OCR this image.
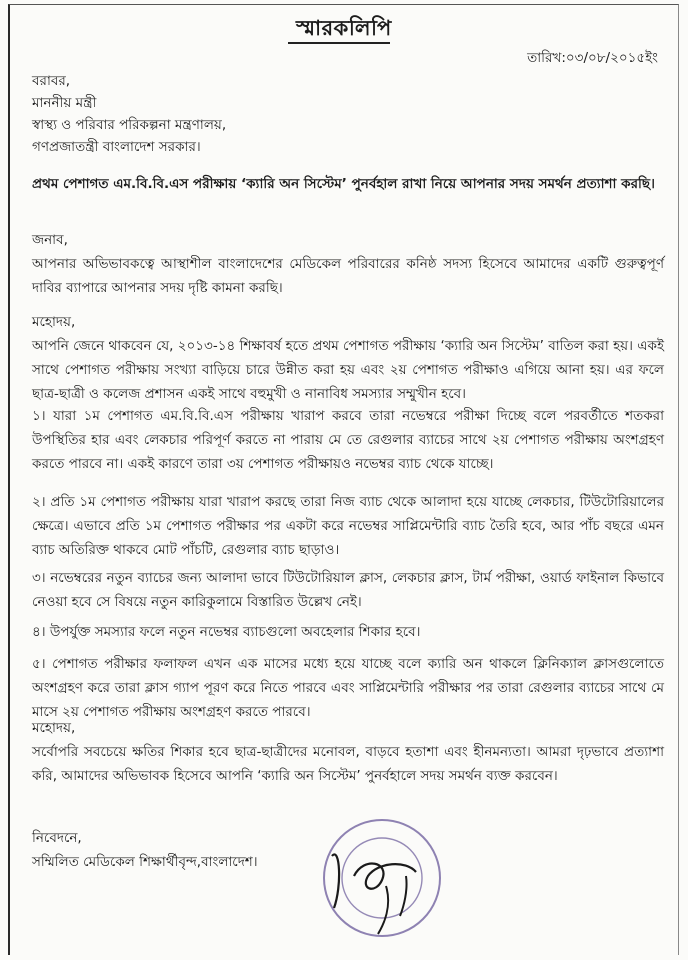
স্মারকলিপি
তারিখ:০৩/০৮/২০১৫ইং
বরাবর,
মাননীয় মন্ত্রী
স্বাস্থ্য ও পরিবার পরিকল্পনা মন্ত্রণালয়,
গণপ্রজাতন্ত্রী বাংলাদেশ সরকার।
প্রথম পেশাগত এম.বি.বি.এস পরীক্ষায় ‘ক্যারি অন সিস্টেম’ পুনর্বহাল রাখা নিয়ে আপনার সদয় সমর্থন প্রত্যাশা করছি।
জনাব,
আপনার অভিভাবকত্বে আস্থাশীল বাংলাদেশের মেডিকেল পরিবারের কনিষ্ঠ সদস্য হিসেবে আমাদের একটি গুরুত্বপূর্ণ দাবির ব্যাপারে আপনার সদয় দৃষ্টি কামনা করছি।
মহোদয়,
আপনি জেনে থাকবেন যে, ২০১৩-১৪ শিক্ষাবর্ষ হতে প্রথম পেশাগত পরীক্ষায় ‘ক্যারি অন সিস্টেম’ বাতিল করা হয়। একই সাথে পেশাগত পরীক্ষায় সংখ্যা বাড়িয়ে চারে উন্নীত করা হয় এবং ২য় পেশাগত পরীক্ষাও এগিয়ে আনা হয়। এর ফলে ছাত্র-ছাত্রী ও কলেজ প্রশাসন একই সাথে বহুমুখী ও নানাবিধ সমস্যার সম্মুখীন হবে।
১। যারা ১ম পেশাগত এম.বি.বি.এস পরীক্ষায় খারাপ করবে তারা নভেম্বরে পরীক্ষা দিচ্ছে বলে পরবর্তীতে শতকরা উপস্থিতির হার এবং লেকচার পরিপূর্ণ করতে না পারায় মে তে রেগুলার ব্যাচের সাথে ২য় পেশাগত পরীক্ষায় অংশগ্রহণ করতে পারবে না। একই কারণে তারা ৩য় পেশাগত পরীক্ষায়ও নভেম্বর ব্যাচ থেকে যাচ্ছে।
২। প্রতি ১ম পেশাগত পরীক্ষায় যারা খারাপ করছে তারা নিজ ব্যাচ থেকে আলাদা হয়ে যাচ্ছে লেকচার, টিউটোরিয়ালের ক্ষেত্রে। এভাবে প্রতি ১ম পেশাগত পরীক্ষার পর একটা করে নভেম্বর সাপ্লিমেন্টারি ব্যাচ তৈরি হবে, আর পাঁচ বছরে এমন ব্যাচ অতিরিক্ত থাকবে মোট পাঁচটি, রেগুলার ব্যাচ ছাড়াও।
৩। নভেম্বরের নতুন ব্যাচের জন্য আলাদা ভাবে টিউটোরিয়াল ক্লাস, লেকচার ক্লাস, টার্ম পরীক্ষা, ওয়ার্ড ফাইনাল কিভাবে নেওয়া হবে সে বিষয়ে নতুন কারিকুলামে বিস্তারিত উল্লেখ নেই।
৪। উপর্যুক্ত সমস্যার ফলে নতুন নভেম্বর ব্যাচগুলো অবহেলার শিকার হবে।
৫। পেশাগত পরীক্ষার ফলাফল এখন এক মাসের মধ্যে হয়ে যাচ্ছে বলে ক্যারি অন থাকলে ক্লিনিক্যাল ক্লাসগুলোতে অংশগ্রহণ করে তারা ক্লাস গ্যাপ পূরণ করে নিতে পারবে এবং সাপ্লিমেন্টারি পরীক্ষার পর তারা রেগুলার ব্যাচের সাথে মে মাসে ২য় পেশাগত পরীক্ষায় অংশগ্রহণ করতে পারবে।
মহোদয়,
সর্বোপরি সবচেয়ে ক্ষতির শিকার হবে ছাত্র-ছাত্রীদের মনোবল, বাড়বে হতাশা এবং হীনমন্যতা। আমরা দৃঢ়ভাবে প্রত্যাশা করি, আমাদের অভিভাবক হিসেবে আপনি ‘ক্যারি অন সিস্টেম’ পুনর্বহালে সদয় সমর্থন ব্যক্ত করবেন।
নিবেদনে,
সম্মিলিত মেডিকেল শিক্ষার্থীবৃন্দ,বাংলাদেশ।
